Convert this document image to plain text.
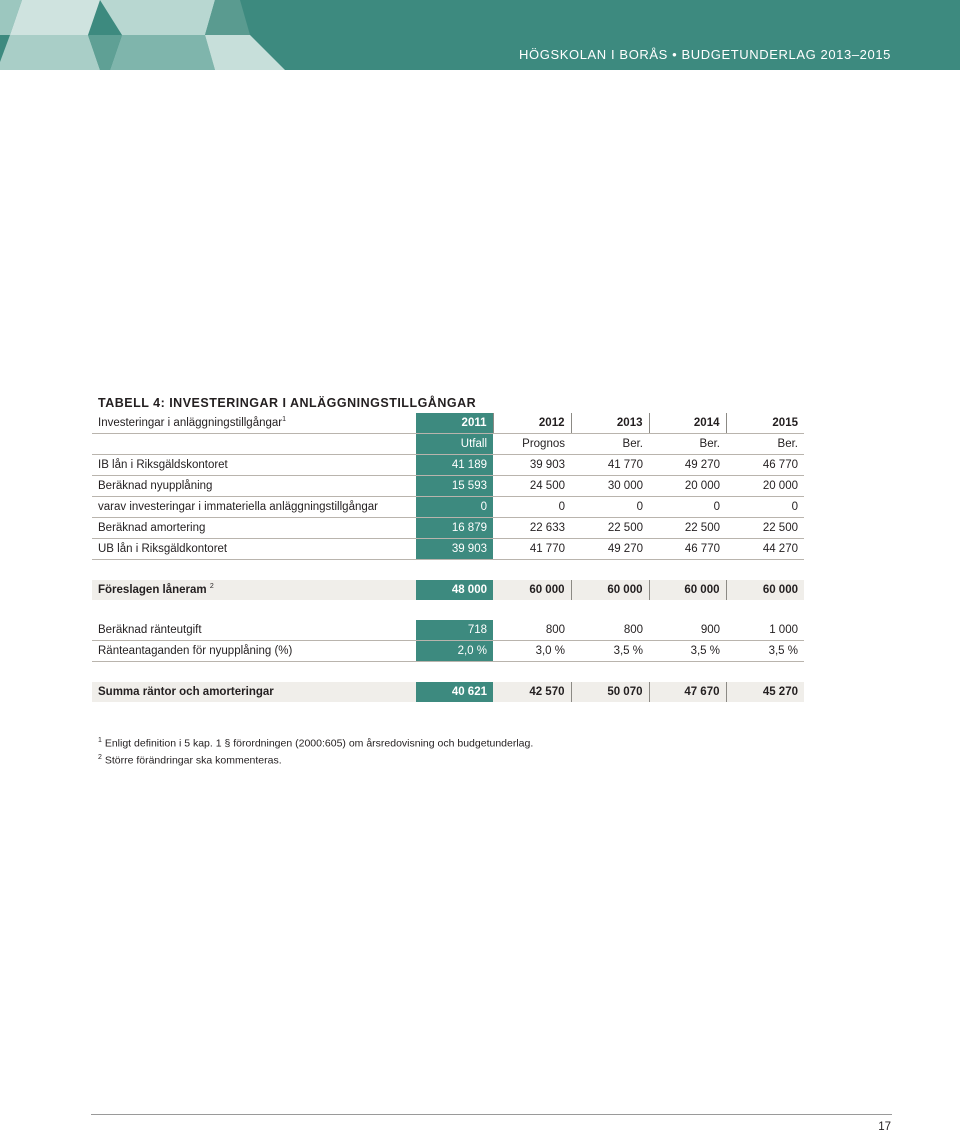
HÖGSKOLAN I BORÅS • BUDGETUNDERLAG 2013–2015
TABELL 4: INVESTERINGAR I ANLÄGGNINGSTILLGÅNGAR
Investeringar i anläggningstillgångar$^1$	2011	2012	2013	2014	2015
	Utfall	Prognos	Ber.	Ber.	Ber.
IB lån i Riksgäldskontoret	41 189	39 903	41 770	49 270	46 770
Beräknad nyupplåning	15 593	24 500	30 000	20 000	20 000
varav investeringar i immateriella anläggningstillgångar	0	0	0	0	0
Beräknad amortering	16 879	22 633	22 500	22 500	22 500
UB lån i Riksgäldkontoret	39 903	41 770	49 270	46 770	44 270

Föreslagen låneram $^2$	48 000	60 000	60 000	60 000	60 000

Beräknad ränteutgift	718	800	800	900	1 000
Ränteantaganden för nyupplåning (%)	2,0 %	3,0 %	3,5 %	3,5 %	3,5 %

Summa räntor och amorteringar	40 621	42 570	50 070	47 670	45 270
$^1$ Enligt definition i 5 kap. 1 § förordningen (2000:605) om årsredovisning och budgetunderlag.
$^2$ Större förändringar ska kommenteras.
17
